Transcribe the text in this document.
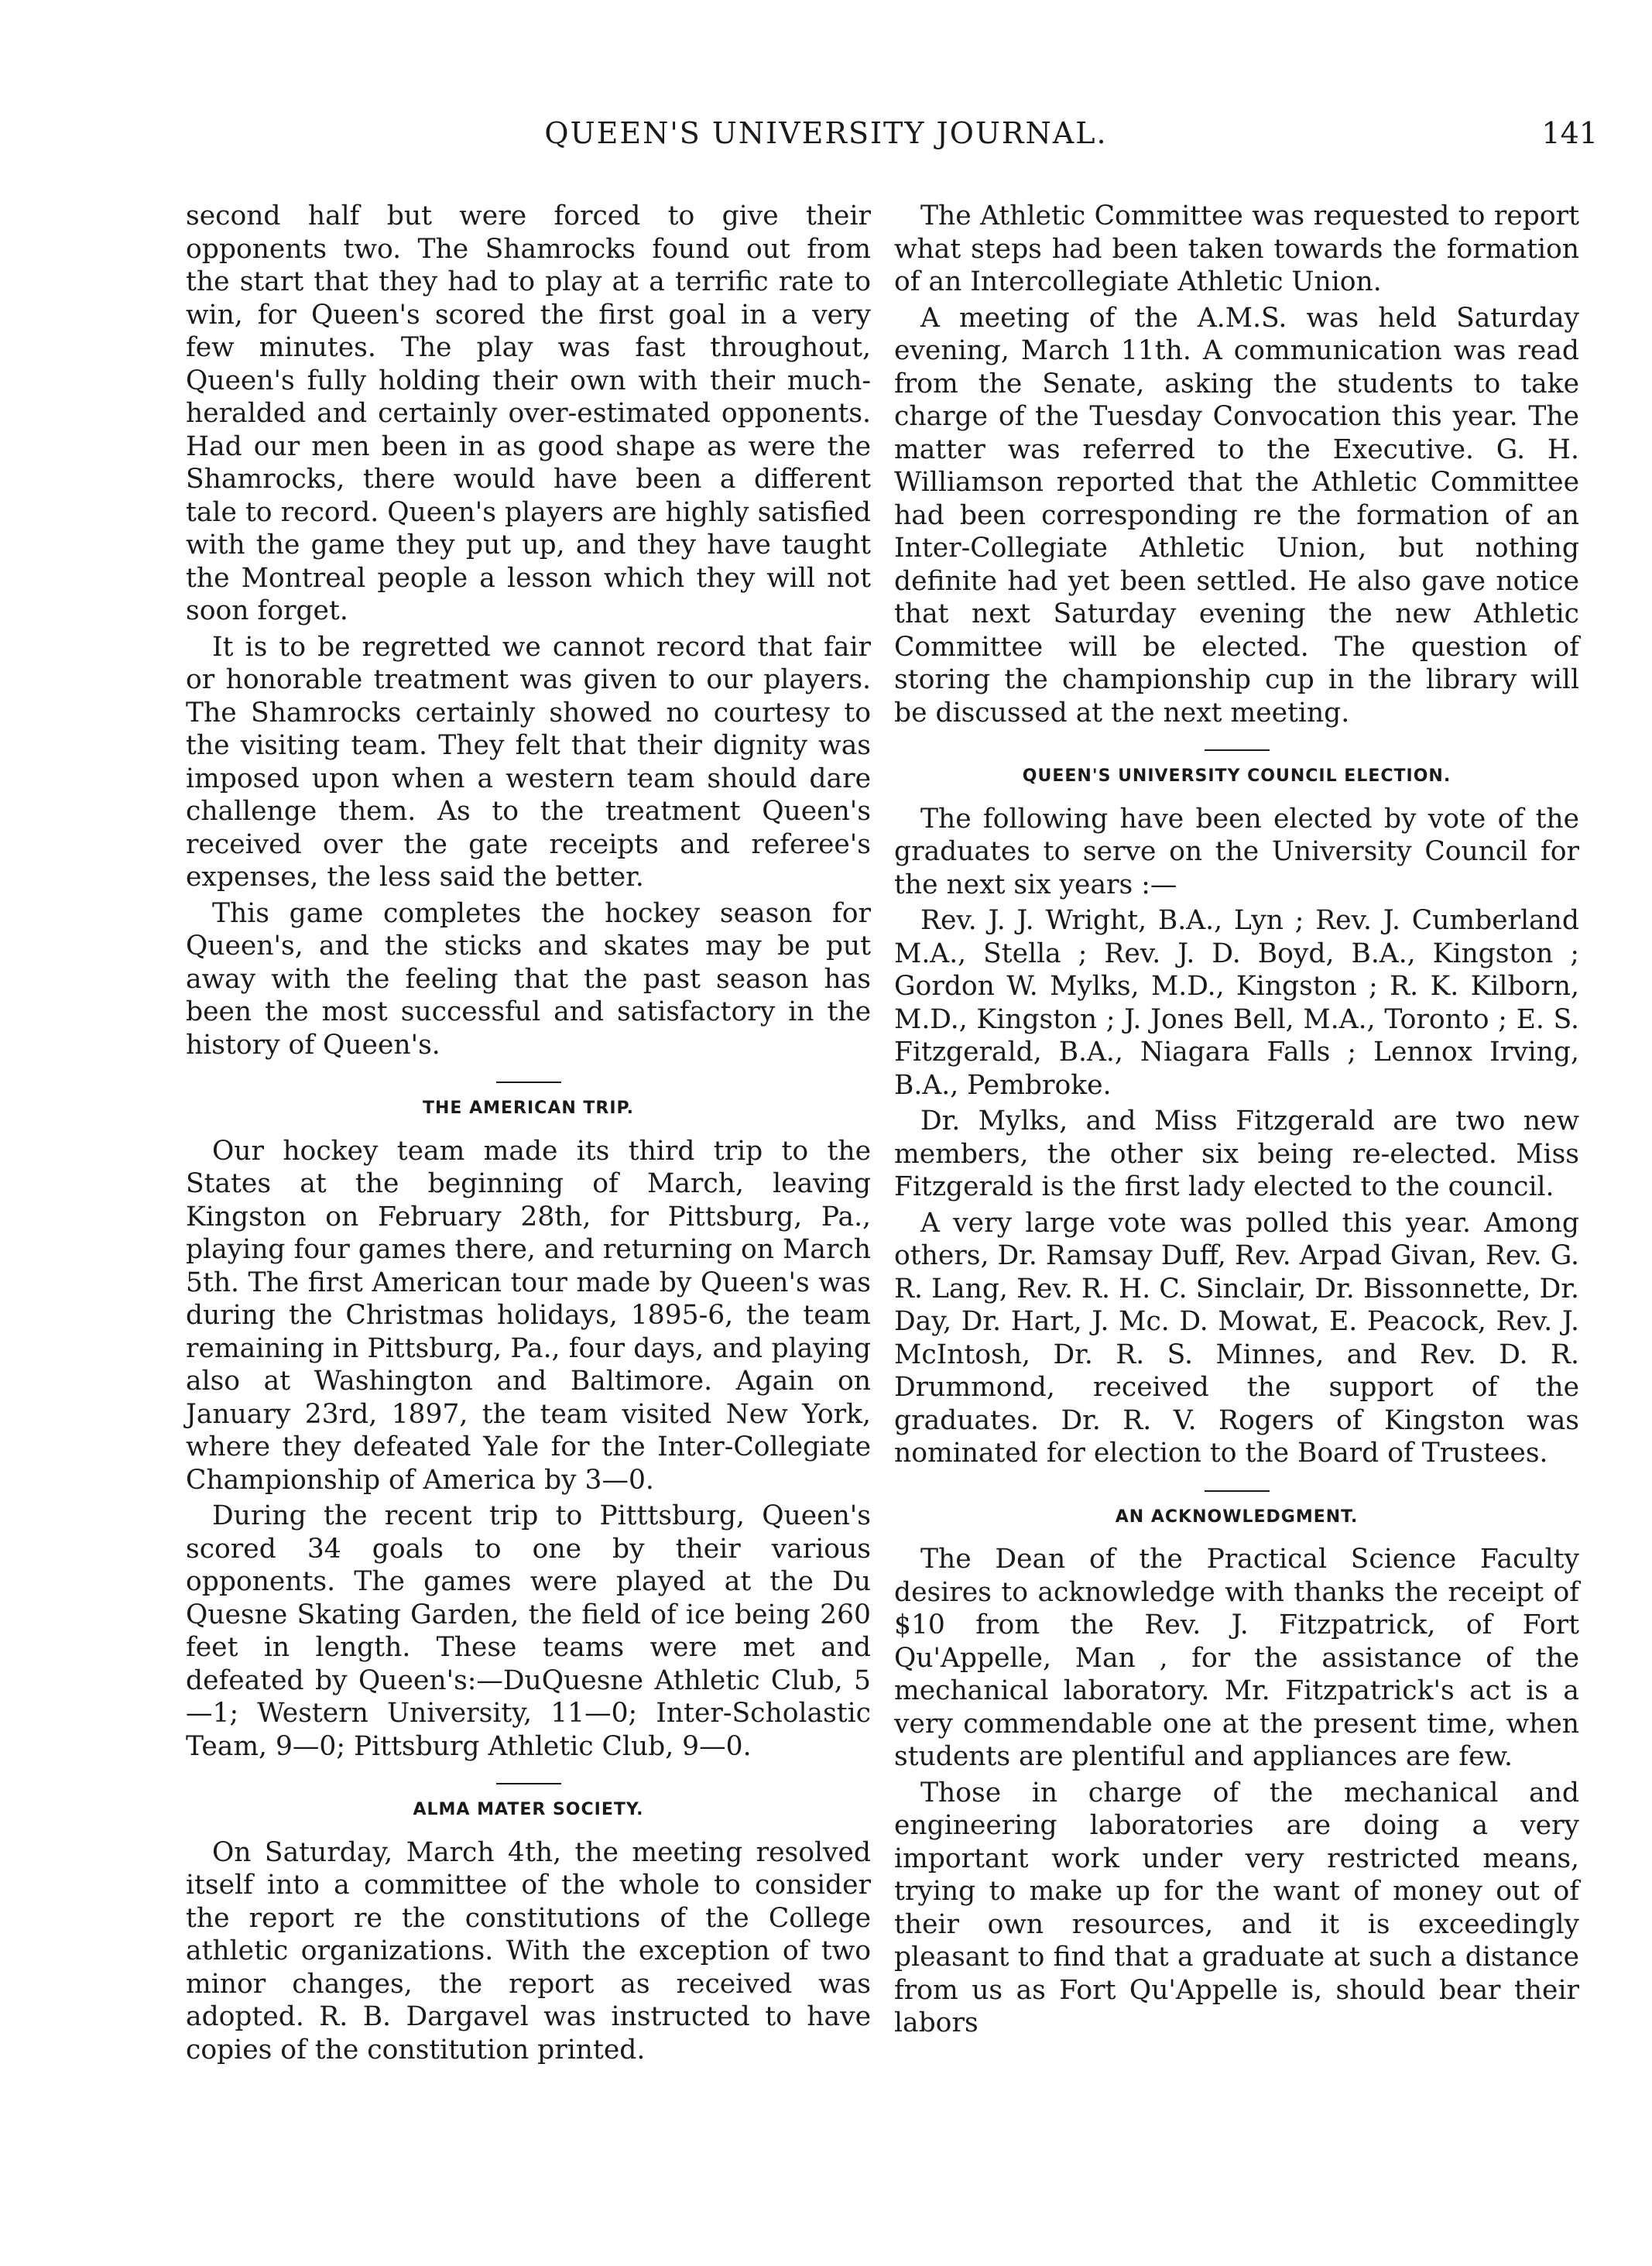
QUEEN'S UNIVERSITY JOURNAL.	141

second half but were forced to give their opponents two. The Shamrocks found out from the start that they had to play at a terrific rate to win, for Queen's scored the first goal in a very few minutes. The play was fast throughout, Queen's fully holding their own with their much-heralded and certainly over-estimated opponents. Had our men been in as good shape as were the Shamrocks, there would have been a different tale to record. Queen's players are highly satisfied with the game they put up, and they have taught the Montreal people a lesson which they will not soon forget.

It is to be regretted we cannot record that fair or honorable treatment was given to our players. The Shamrocks certainly showed no courtesy to the visiting team. They felt that their dignity was imposed upon when a western team should dare challenge them. As to the treatment Queen's received over the gate receipts and referee's expenses, the less said the better.

This game completes the hockey season for Queen's, and the sticks and skates may be put away with the feeling that the past season has been the most successful and satisfactory in the history of Queen's.

THE AMERICAN TRIP.

Our hockey team made its third trip to the States at the beginning of March, leaving Kingston on February 28th, for Pittsburg, Pa., playing four games there, and returning on March 5th. The first American tour made by Queen's was during the Christmas holidays, 1895-6, the team remaining in Pittsburg, Pa., four days, and playing also at Washington and Baltimore. Again on January 23rd, 1897, the team visited New York, where they defeated Yale for the Inter-Collegiate Championship of America by 3—0.

During the recent trip to Pitttsburg, Queen's scored 34 goals to one by their various opponents. The games were played at the Du Quesne Skating Garden, the field of ice being 260 feet in length. These teams were met and defeated by Queen's:—DuQuesne Athletic Club, 5—1; Western University, 11—0; Inter-Scholastic Team, 9—0; Pittsburg Athletic Club, 9—0.

ALMA MATER SOCIETY.

On Saturday, March 4th, the meeting resolved itself into a committee of the whole to consider the report re the constitutions of the College athletic organizations. With the exception of two minor changes, the report as received was adopted. R. B. Dargavel was instructed to have copies of the constitution printed.

The Athletic Committee was requested to report what steps had been taken towards the formation of an Intercollegiate Athletic Union.

A meeting of the A.M.S. was held Saturday evening, March 11th. A communication was read from the Senate, asking the students to take charge of the Tuesday Convocation this year. The matter was referred to the Executive. G. H. Williamson reported that the Athletic Committee had been corresponding re the formation of an Inter-Collegiate Athletic Union, but nothing definite had yet been settled. He also gave notice that next Saturday evening the new Athletic Committee will be elected. The question of storing the championship cup in the library will be discussed at the next meeting.

QUEEN'S UNIVERSITY COUNCIL ELECTION.

The following have been elected by vote of the graduates to serve on the University Council for the next six years :—

Rev. J. J. Wright, B.A., Lyn ; Rev. J. Cumberland M.A., Stella ; Rev. J. D. Boyd, B.A., Kingston ; Gordon W. Mylks, M.D., Kingston ; R. K. Kilborn, M.D., Kingston ; J. Jones Bell, M.A., Toronto ; E. S. Fitzgerald, B.A., Niagara Falls ; Lennox Irving, B.A., Pembroke.

Dr. Mylks, and Miss Fitzgerald are two new members, the other six being re-elected. Miss Fitzgerald is the first lady elected to the council.

A very large vote was polled this year. Among others, Dr. Ramsay Duff, Rev. Arpad Givan, Rev. G. R. Lang, Rev. R. H. C. Sinclair, Dr. Bissonnette, Dr. Day, Dr. Hart, J. Mc. D. Mowat, E. Peacock, Rev. J. McIntosh, Dr. R. S. Minnes, and Rev. D. R. Drummond, received the support of the graduates. Dr. R. V. Rogers of Kingston was nominated for election to the Board of Trustees.

AN ACKNOWLEDGMENT.

The Dean of the Practical Science Faculty desires to acknowledge with thanks the receipt of $10 from the Rev. J. Fitzpatrick, of Fort Qu'Appelle, Man , for the assistance of the mechanical laboratory. Mr. Fitzpatrick's act is a very commendable one at the present time, when students are plentiful and appliances are few.

Those in charge of the mechanical and engineering laboratories are doing a very important work under very restricted means, trying to make up for the want of money out of their own resources, and it is exceedingly pleasant to find that a graduate at such a distance from us as Fort Qu'Appelle is, should bear their labors
